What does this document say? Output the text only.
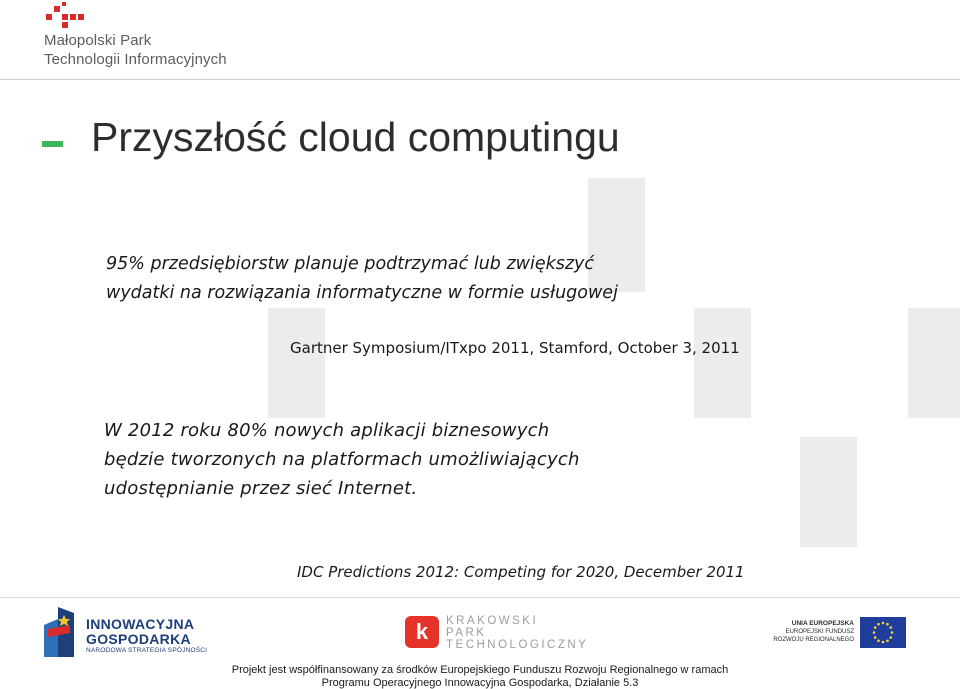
Małopolski Park
Technologii Informacyjnych
Przyszłość cloud computingu
95% przedsiębiorstw planuje podtrzymać lub zwiększyć
wydatki na rozwiązania informatyczne w formie usługowej
Gartner Symposium/ITxpo 2011, Stamford, October 3, 2011
W 2012 roku 80% nowych aplikacji biznesowych
będzie tworzonych na platformach umożliwiających
udostępnianie przez sieć Internet.
IDC Predictions 2012: Competing for 2020, December 2011
INNOWACYJNA
GOSPODARKA
NARODOWA STRATEGIA SPÓJNOŚCI
k	KRAKOWSKI
PARK
TECHNOLOGICZNY
UNIA EUROPEJSKA
EUROPEJSKI FUNDUSZ
ROZWOJU REGIONALNEGO
Projekt jest współfinansowany za środków Europejskiego Funduszu Rozwoju Regionalnego w ramach
Programu Operacyjnego Innowacyjna Gospodarka, Działanie 5.3
